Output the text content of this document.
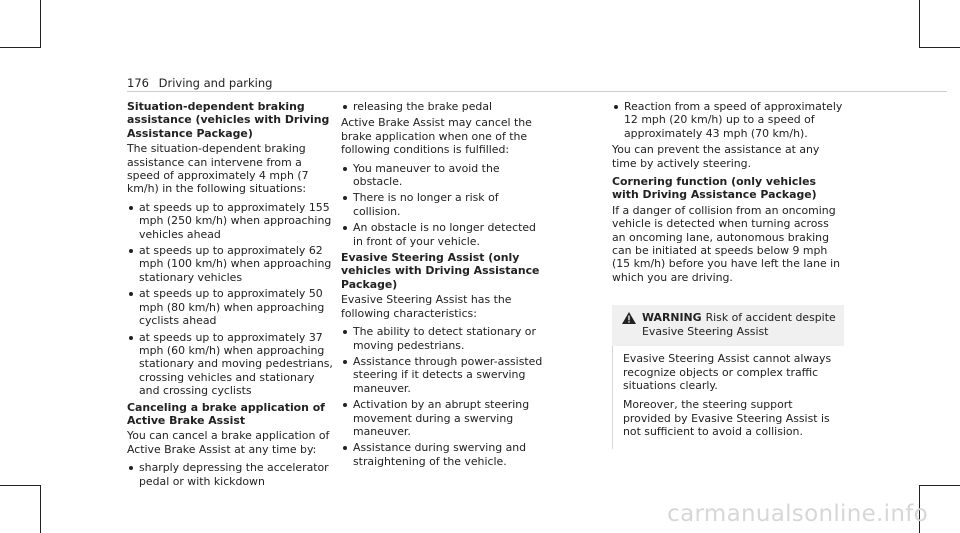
176 Driving and parking
Situation-dependent braking assistance (vehicles with Driving Assistance Package)

The situation-dependent braking assistance can intervene from a speed of approximately 4 mph (7 km/h) in the following situations:

at speeds up to approximately 155 mph (250 km/h) when approaching vehicles ahead
at speeds up to approximately 62 mph (100 km/h) when approaching stationary vehicles
at speeds up to approximately 50 mph (80 km/h) when approaching cyclists ahead
at speeds up to approximately 37 mph (60 km/h) when approaching stationary and moving pedestrians, crossing vehicles and stationary and crossing cyclists
Canceling a brake application of Active Brake Assist

You can cancel a brake application of Active Brake Assist at any time by:

sharply depressing the accelerator pedal or with kickdown
releasing the brake pedal

Active Brake Assist may cancel the brake application when one of the following conditions is fulfilled:

You maneuver to avoid the obstacle.
There is no longer a risk of collision.
An obstacle is no longer detected in front of your vehicle.
Evasive Steering Assist (only vehicles with Driving Assistance Package)

Evasive Steering Assist has the following characteristics:

The ability to detect stationary or moving pedestrians.
Assistance through power-assisted steering if it detects a swerving maneuver.
Activation by an abrupt steering movement during a swerving maneuver.
Assistance during swerving and straightening of the vehicle.
Reaction from a speed of approximately 12 mph (20 km/h) up to a speed of approximately 43 mph (70 km/h).

You can prevent the assistance at any time by actively steering.

Cornering function (only vehicles with Driving Assistance Package)

If a danger of collision from an oncoming vehicle is detected when turning across an oncoming lane, autonomous braking can be initiated at speeds below 9 mph (15 km/h) before you have left the lane in which you are driving.

WARNING Risk of accident despite Evasive Steering Assist

Evasive Steering Assist cannot always recognize objects or complex traffic situations clearly.

Moreover, the steering support provided by Evasive Steering Assist is not sufficient to avoid a collision.

carmanualsonline.info
